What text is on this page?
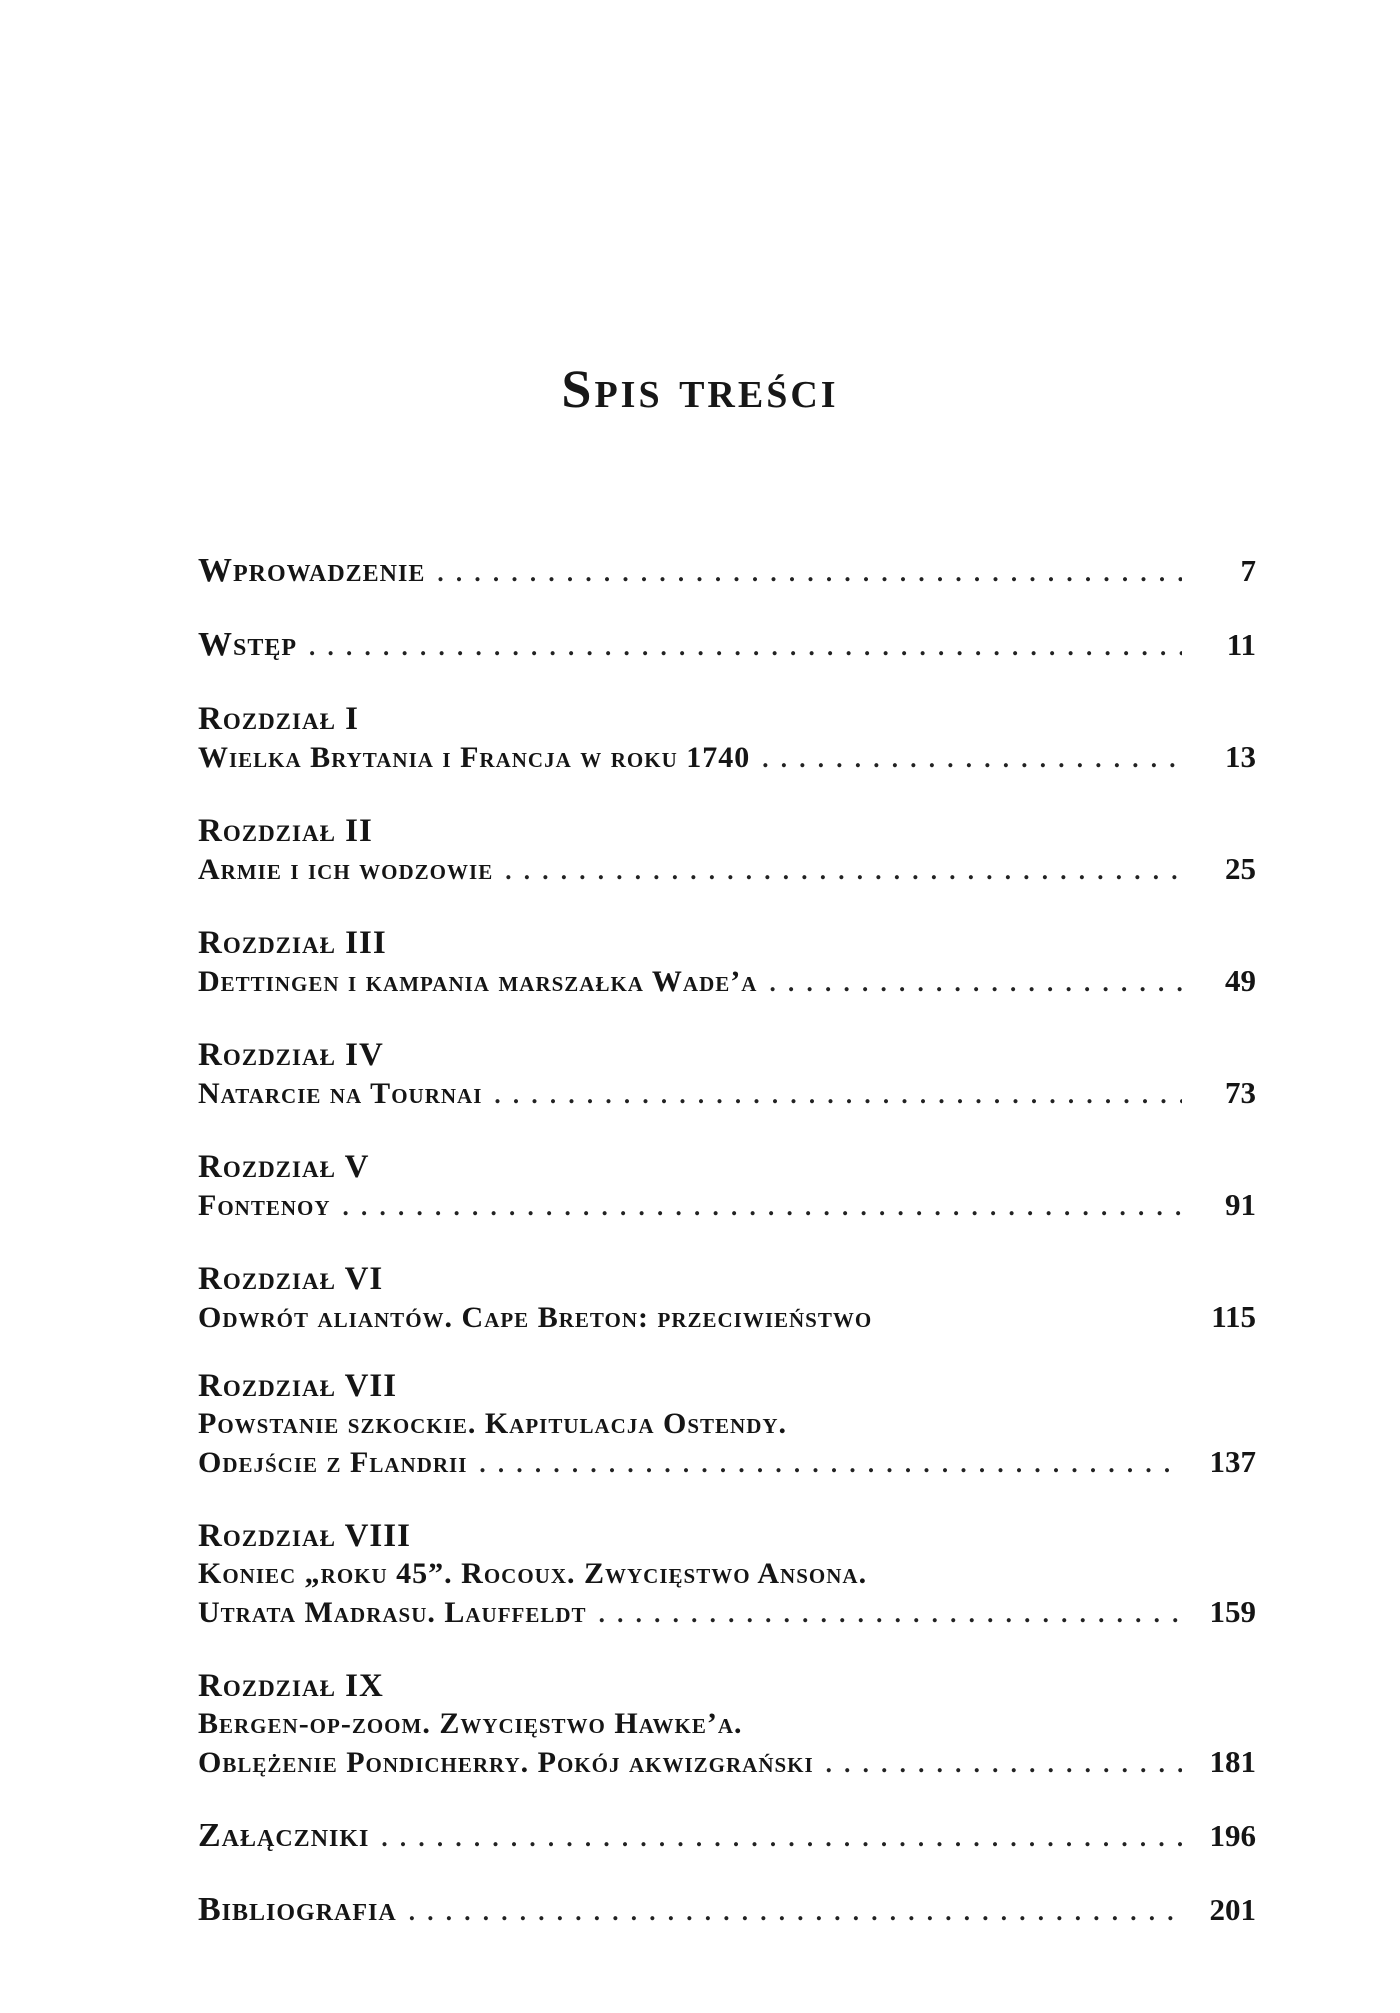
Spis treści
Wprowadzenie . . .	7
Wstęp . . .	11
Rozdział I
Wielka Brytania i Francja w roku 1740 . . .	13
Rozdział II
Armie i ich wodzowie . . .	25
Rozdział III
Dettingen i kampania marszałka Wade’a . . .	49
Rozdział IV
Natarcie na Tournai . . .	73
Rozdział V
Fontenoy . . .	91
Rozdział VI
Odwrót aliantów. Cape Breton: przeciwieństwo	115
Rozdział VII
Powstanie szkockie. Kapitulacja Ostendy.
Odejście z Flandrii . . .	137
Rozdział VIII
Koniec „roku 45”. Rocoux. Zwycięstwo Ansona.
Utrata Madrasu. Lauffeldt . . .	159
Rozdział IX
Bergen-op-zoom. Zwycięstwo Hawke’a.
Oblężenie Pondicherry. Pokój akwizgrański . . .	181
Załączniki . . .	196
Bibliografia . . .	201
